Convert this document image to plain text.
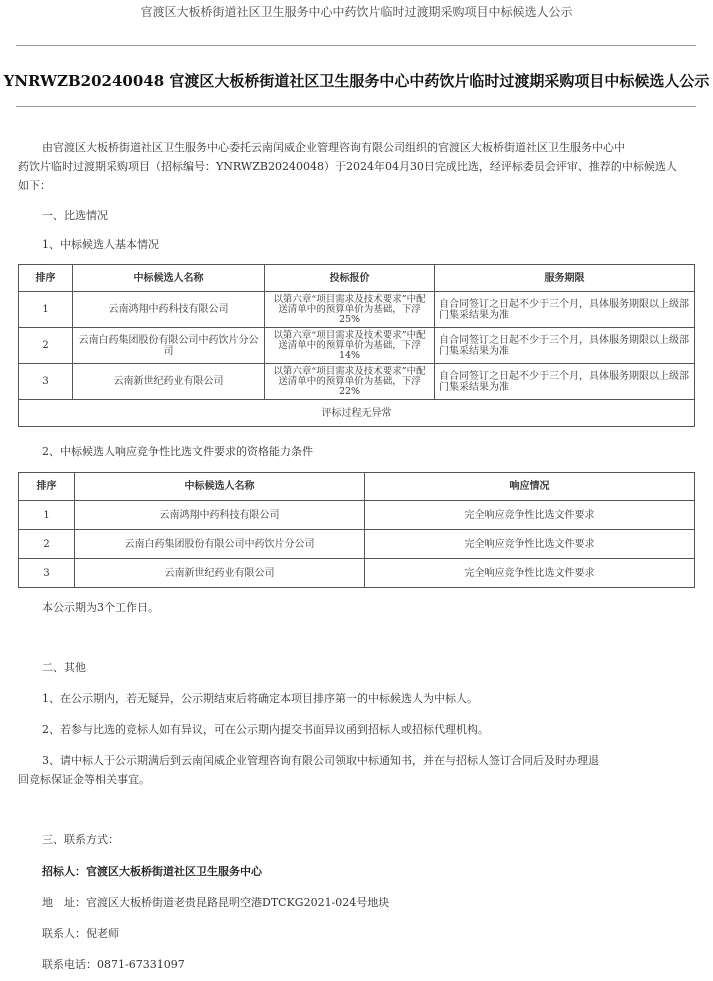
官渡区大板桥街道社区卫生服务中心中药饮片临时过渡期采购项目中标候选人公示
YNRWZB20240048 官渡区大板桥街道社区卫生服务中心中药饮片临时过渡期采购项目中标候选人公示
由官渡区大板桥街道社区卫生服务中心委托云南闰威企业管理咨询有限公司组织的官渡区大板桥街道社区卫生服务中心中
药饮片临时过渡期采购项目（招标编号：YNRWZB20240048）于2024年04月30日完成比选，经评标委员会评审、推荐的中标候选人
如下：
一、比选情况
1、中标候选人基本情况
排序	中标候选人名称	投标报价	服务期限
1	云南鸿翔中药科技有限公司	以第六章“项目需求及技术要求”中配送清单中的预算单价为基础，下浮25%	自合同签订之日起不少于三个月，具体服务期限以上级部门集采结果为准
2	云南白药集团股份有限公司中药饮片分公司	以第六章“项目需求及技术要求”中配送清单中的预算单价为基础，下浮14%	自合同签订之日起不少于三个月，具体服务期限以上级部门集采结果为准
3	云南新世纪药业有限公司	以第六章“项目需求及技术要求”中配送清单中的预算单价为基础，下浮22%	自合同签订之日起不少于三个月，具体服务期限以上级部门集采结果为准
评标过程无异常			
2、中标候选人响应竞争性比选文件要求的资格能力条件
排序	中标候选人名称	响应情况
1	云南鸿翔中药科技有限公司	完全响应竞争性比选文件要求
2	云南白药集团股份有限公司中药饮片分公司	完全响应竞争性比选文件要求
3	云南新世纪药业有限公司	完全响应竞争性比选文件要求
本公示期为3个工作日。
二、其他
1、在公示期内，若无疑异，公示期结束后将确定本项目排序第一的中标候选人为中标人。
2、若参与比选的竞标人如有异议，可在公示期内提交书面异议函到招标人或招标代理机构。
3、请中标人于公示期满后到云南闰威企业管理咨询有限公司领取中标通知书，并在与招标人签订合同后及时办理退
回竞标保证金等相关事宜。
三、联系方式：
招标人：官渡区大板桥街道社区卫生服务中心
地　址：官渡区大板桥街道老贵昆路昆明空港DTCKG2021-024号地块
联系人：倪老师
联系电话：0871-67331097
